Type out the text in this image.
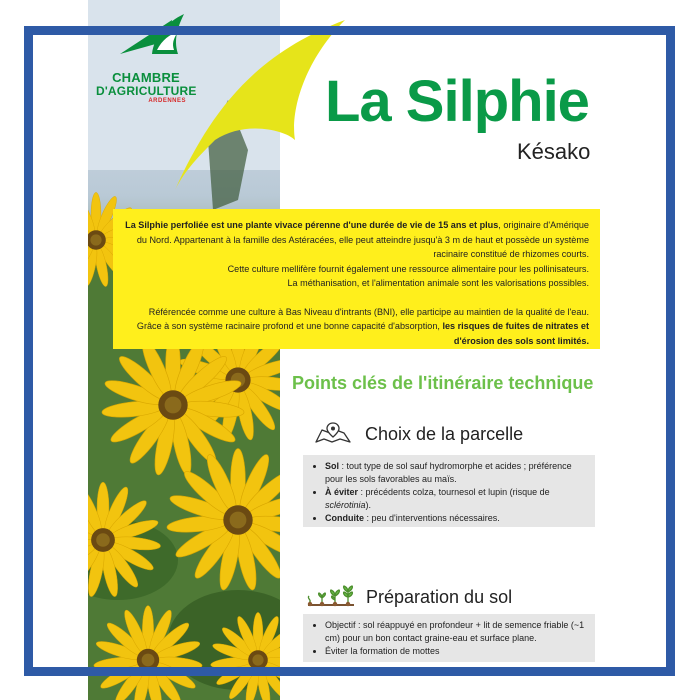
CHAMBRE
D'AGRICULTURE
ARDENNES La Silphie
Késako

La Silphie perfoliée est une plante vivace pérenne d'une durée de vie de 15 ans et plus, originaire d'Amérique du Nord. Appartenant à la famille des Astéracées, elle peut atteindre jusqu'à 3 m de haut et possède un système racinaire constitué de rhizomes courts.

Cette culture mellifère fournit également une ressource alimentaire pour les pollinisateurs.

La méthanisation, et l'alimentation animale sont les valorisations possibles.

Référencée comme une culture à Bas Niveau d'intrants (BNI), elle participe au maintien de la qualité de l'eau. Grâce à son système racinaire profond et une bonne capacité d'absorption, les risques de fuites de nitrates et d'érosion des sols sont limités.

Points clés de l'itinéraire technique
Choix de la parcelle
• Sol : tout type de sol sauf hydromorphe et acides ; préférence pour les sols favorables au maïs.
• À éviter : précédents colza, tournesol et lupin (risque de sclérotinia).
• Conduite : peu d'interventions nécessaires.
Préparation du sol
• Objectif : sol réappuyé en profondeur + lit de semence friable (~1 cm) pour un bon contact graine-eau et surface plane.
• Éviter la formation de mottes
